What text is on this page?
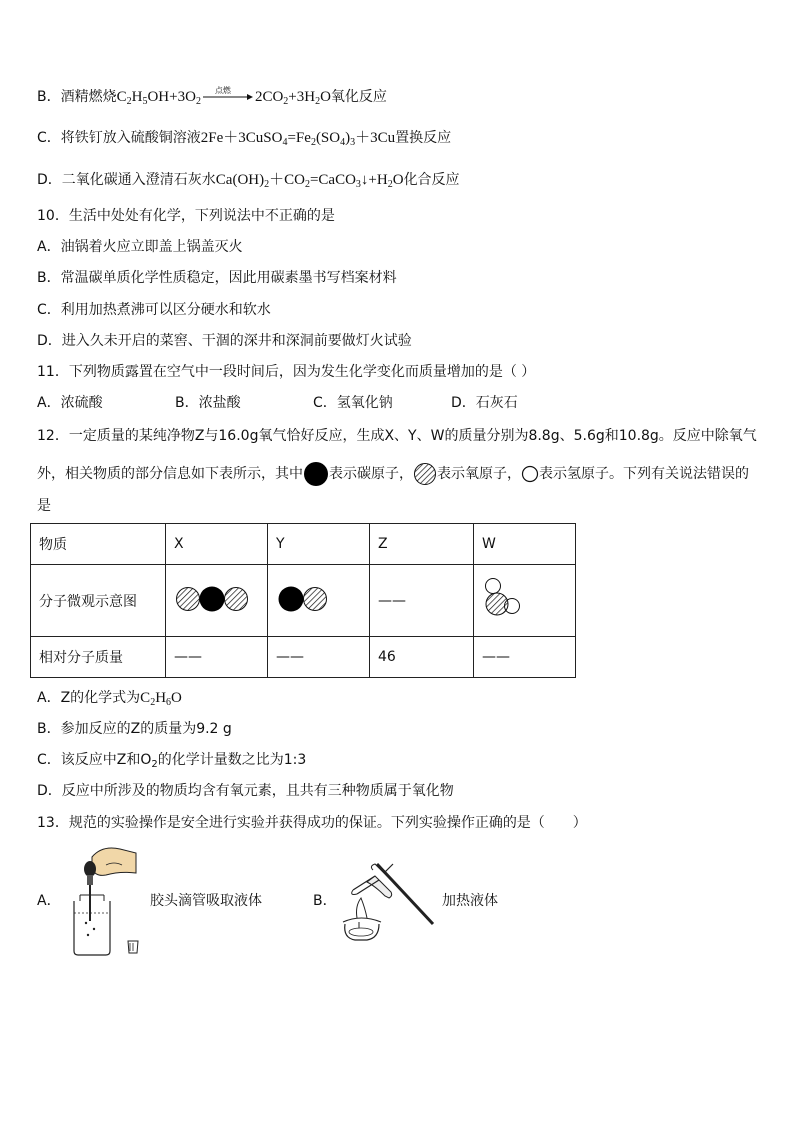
B．酒精燃烧$C_2H_5OH+3O_2$
点燃 $2CO_2+3H_2O$氧化反应
C．将铁钉放入硫酸铜溶液$2Fe+3CuSO_4=Fe_2(SO_4)_3+3Cu$置换反应
D．二氧化碳通入澄清石灰水$Ca(OH)_2+CO_2=CaCO_3↓+H_2O$化合反应
10．生活中处处有化学，下列说法中不正确的是
A．油锅着火应立即盖上锅盖灭火
B．常温碳单质化学性质稳定，因此用碳素墨书写档案材料
C．利用加热煮沸可以区分硬水和软水
D．进入久未开启的菜窖、干涸的深井和深洞前要做灯火试验
11．下列物质露置在空气中一段时间后，因为发生化学变化而质量增加的是（ ）
A．浓硫酸	B．浓盐酸	C．氢氧化钠	D．石灰石
12．一定质量的某纯净物Z与16.0g氧气恰好反应，生成X、Y、W的质量分别为8.8g、5.6g和10.8g。反应中除氧气
外，相关物质的部分信息如下表所示，其中 表示碳原子， 表示氧原子， 表示氢原子。下列有关说法错误的
是
物质	X	Y	Z	W
分子微观示意图			——	
相对分子质量	——	——	46	——
A．Z的化学式为$C_2H_6O$
B．参加反应的Z的质量为9.2 g
C．该反应中Z和$O_2$的化学计量数之比为1:3
D．反应中所涉及的物质均含有氧元素，且共有三种物质属于氧化物
13．规范的实验操作是安全进行实验并获得成功的保证。下列实验操作正确的是（　　）
A．	胶头滴管吸取液体	B．	加热液体
